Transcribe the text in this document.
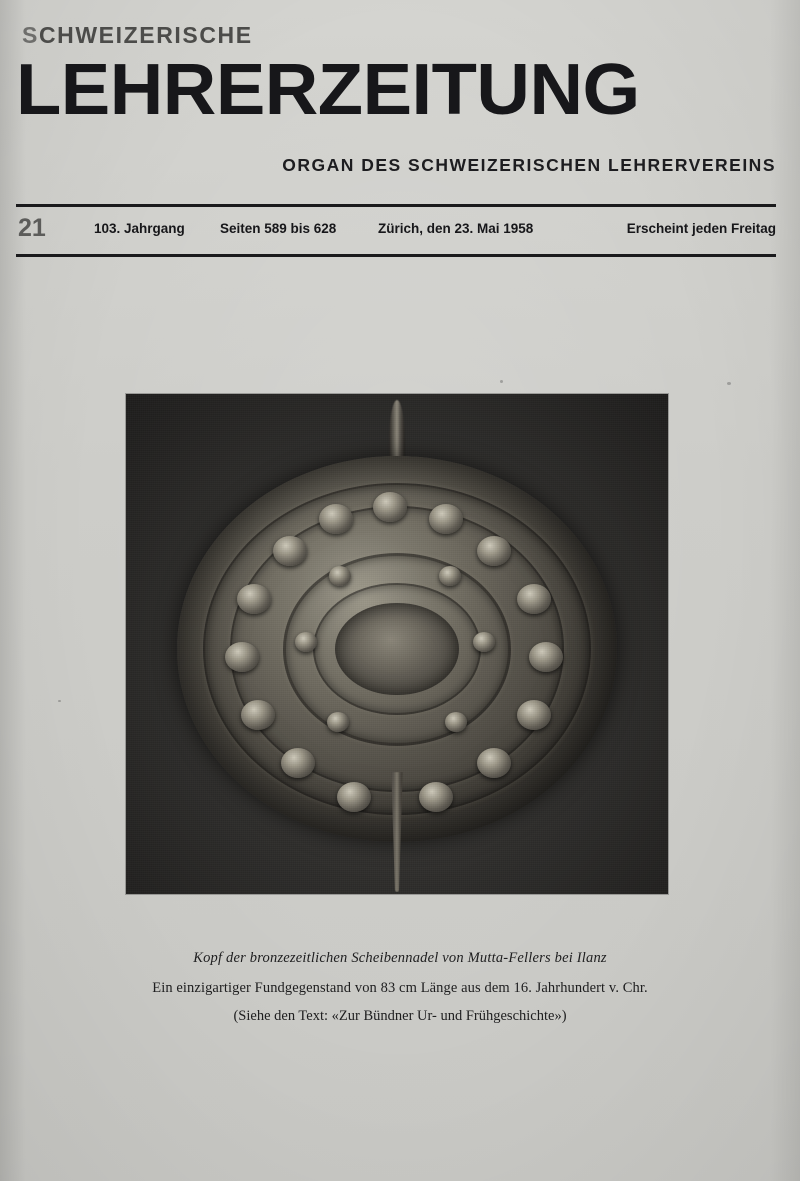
SCHWEIZERISCHE
LEHRERZEITUNG
ORGAN DES SCHWEIZERISCHEN LEHRERVEREINS
21	103. Jahrgang	Seiten 589 bis 628	Zürich, den 23. Mai 1958	Erscheint jeden Freitag
Kopf der bronzezeitlichen Scheibennadel von Mutta-Fellers bei Ilanz
Ein einzigartiger Fundgegenstand von 83 cm Länge aus dem 16. Jahrhundert v. Chr.
(Siehe den Text: «Zur Bündner Ur- und Frühgeschichte»)
